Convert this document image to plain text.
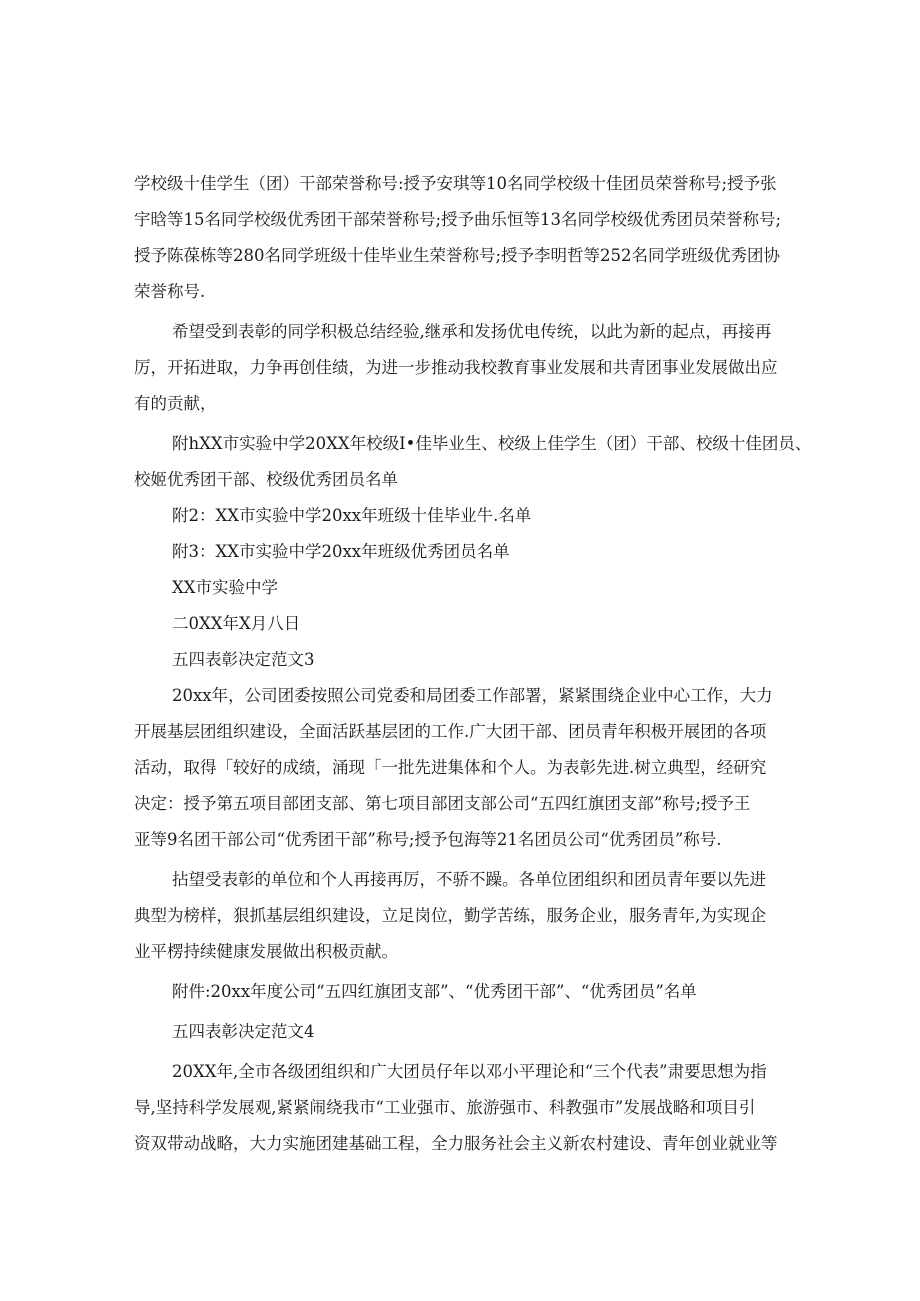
学校级十佳学生（团）干部荣誉称号:授予安琪等10名同学校级十佳团员荣誉称号;授予张
宇晗等15名同学校级优秀团干部荣誉称号;授予曲乐恒等13名同学校级优秀团员荣誉称号;
授予陈葆栋等280名同学班级十佳毕业生荣誉称号;授予李明哲等252名同学班级优秀团协
荣誉称号.
希望受到表彰的同学积极总结经验,继承和发扬优电传统，以此为新的起点，再接再
厉，开拓进取，力争再创佳绩，为进一步推动我校教育事业发展和共青团事业发展做出应
有的贡献，
附hXX市实验中学20XX年校级I•佳毕业生、校级上佳学生（团）干部、校级十佳团员、
校姬优秀团干部、校级优秀团员名单
附2：XX市实验中学20xx年班级十佳毕业牛.名单
附3：XX市实验中学20xx年班级优秀团员名单
XX市实验中学
二0XX年X月八日
五四表彰决定范文3
20xx年，公司团委按照公司党委和局团委工作部署，紧紧围绕企业中心工作，大力
开展基层团组织建设，全面活跃基层团的工作.广大团干部、团员青年积极开展团的各项
活动，取得「较好的成绩，涌现「一批先进集体和个人。为表彰先进.树立典型，经研究
决定：授予第五项目部团支部、第七项目部团支部公司“五四红旗团支部”称号;授予王
亚等9名团干部公司“优秀团干部”称号;授予包海等21名团员公司“优秀团员”称号.
拈望受表彰的单位和个人再接再厉，不骄不躁。各单位团组织和团员青年要以先进
典型为榜样，狠抓基层组织建设，立足岗位，勤学苦练，服务企业，服务青年,为实现企
业平楞持续健康发展做出积极贡献。
附件:20xx年度公司“五四红旗团支部”、“优秀团干部”、“优秀团员”名单
五四表彰决定范文4
20XX年,全市各级团组织和广大团员仔年以邓小平理论和“三个代表”肃要思想为指
导,坚持科学发展观,紧紧闹绕我市“工业强市、旅游强市、科教强市”发展战略和项目引
资双带动战略，大力实施团建基础工程，全力服务社会主义新农村建设、青年创业就业等
